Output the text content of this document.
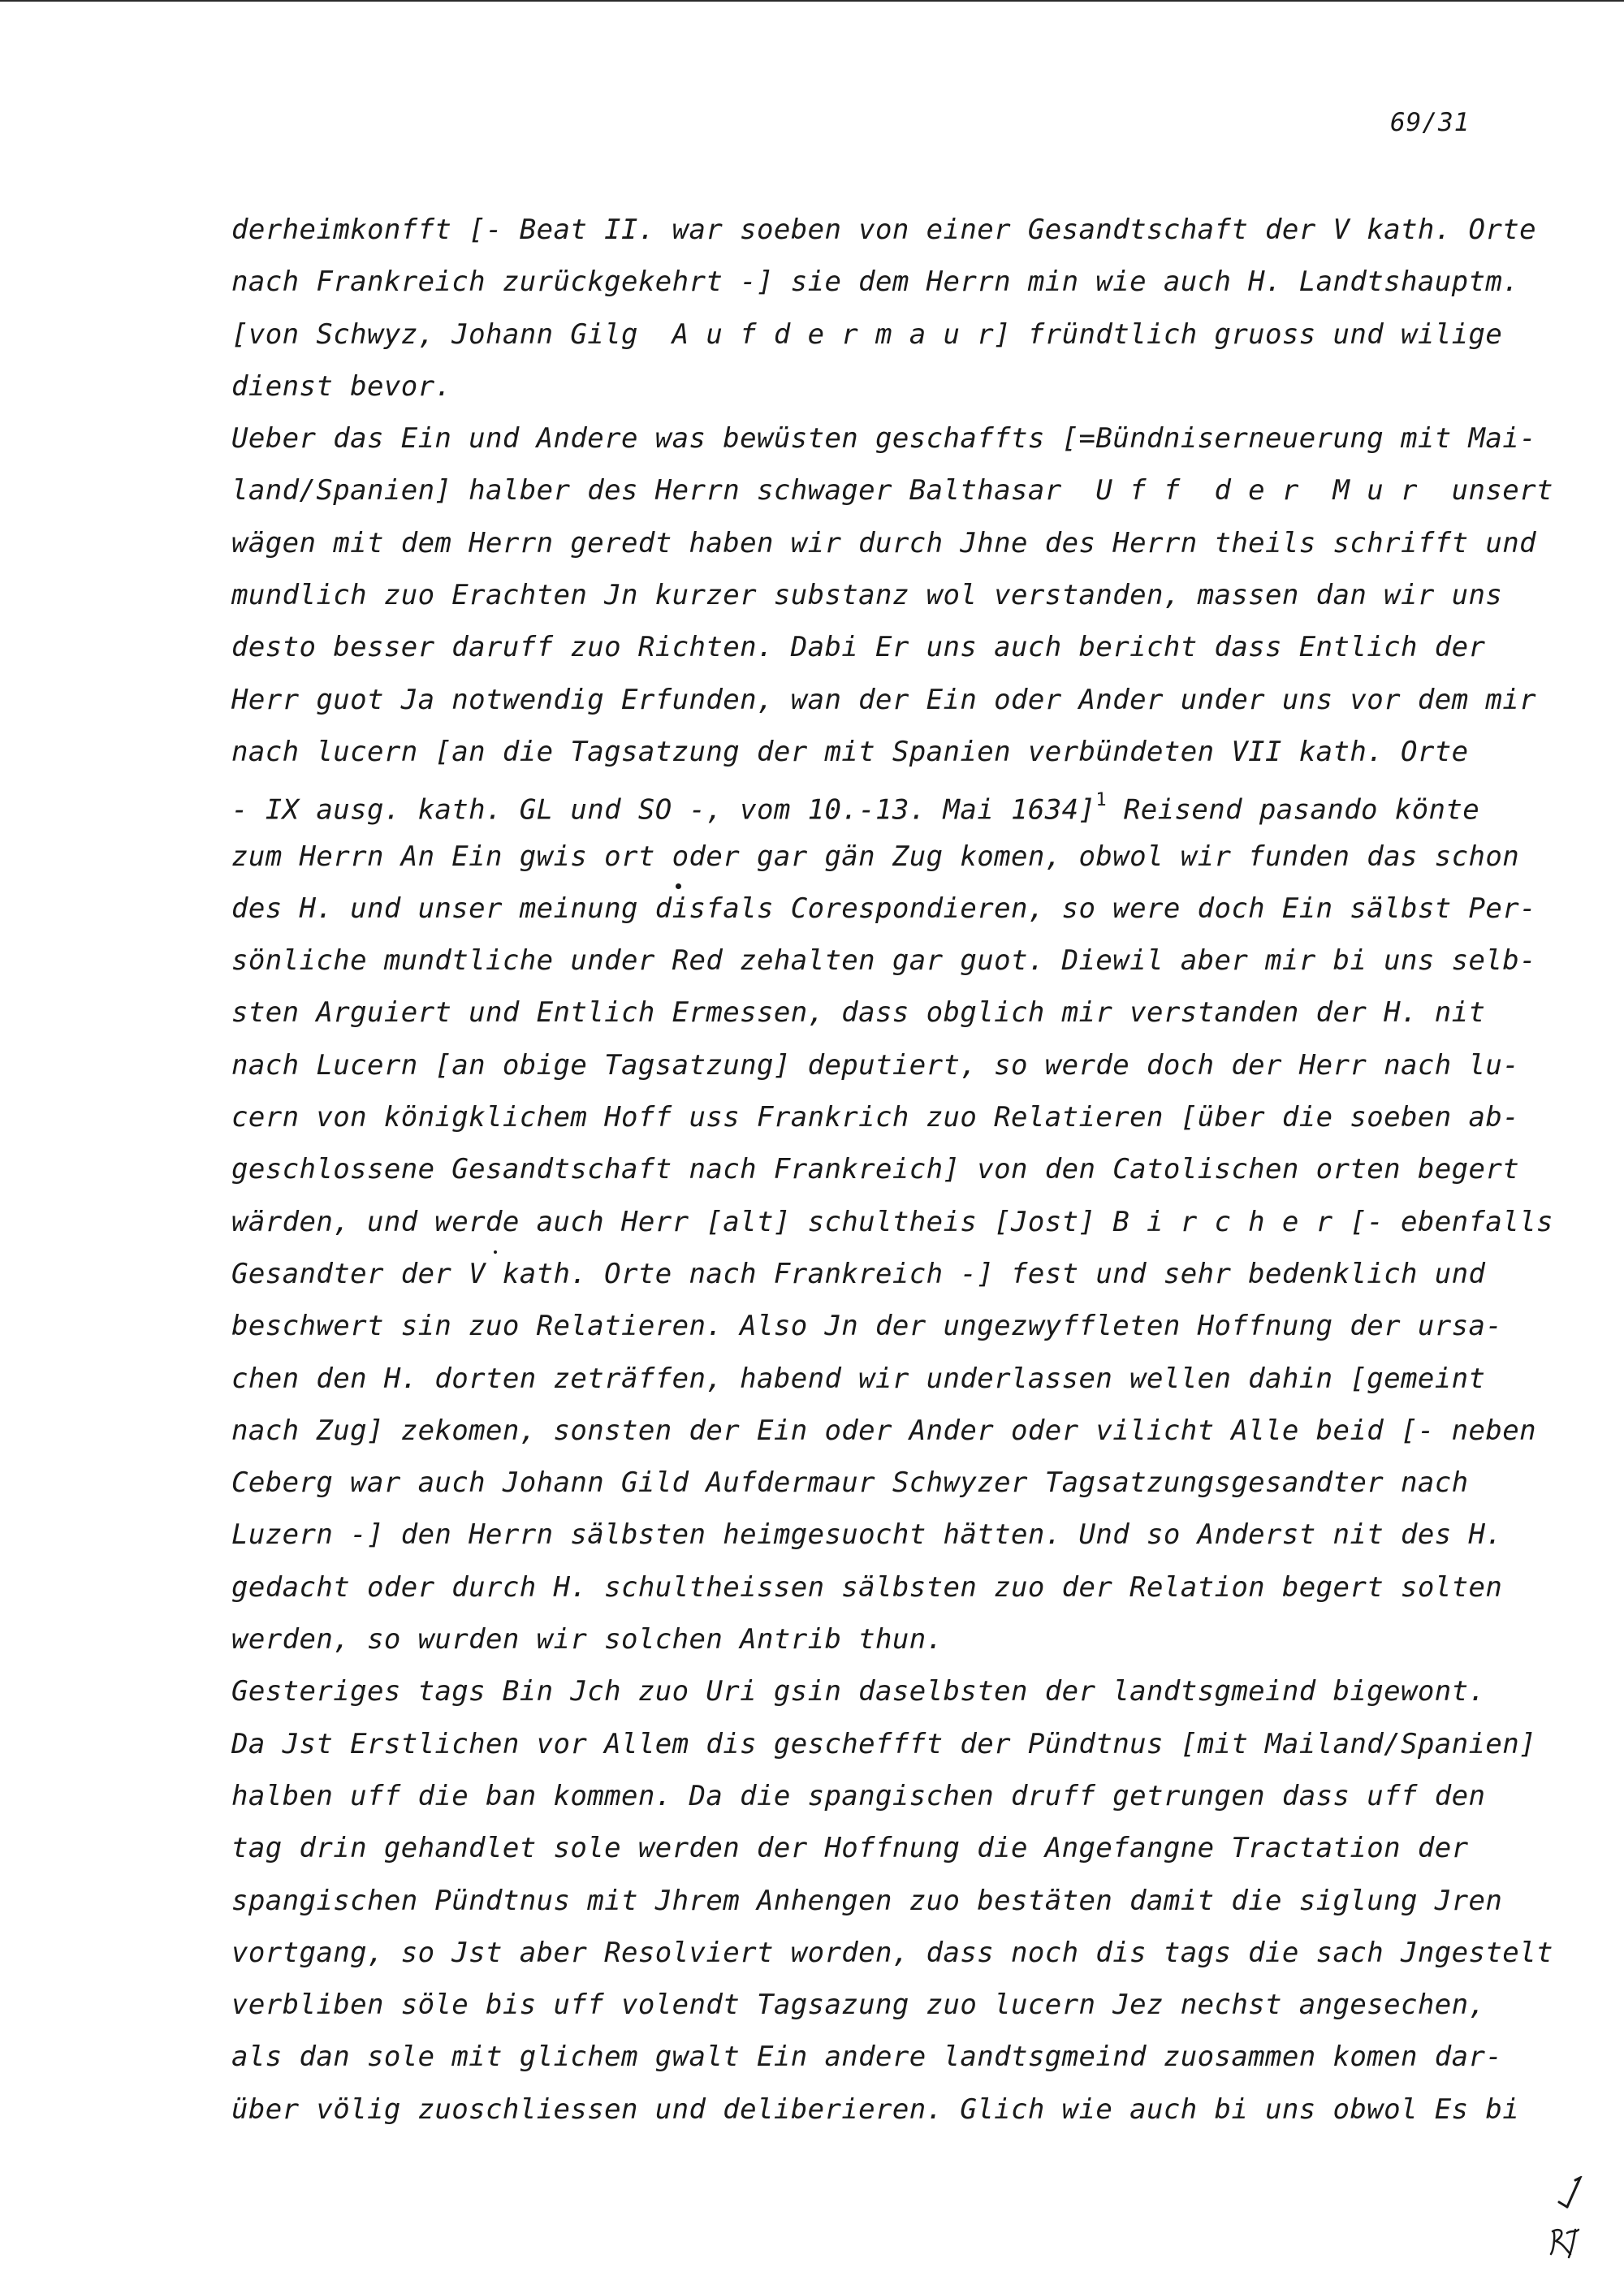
69/31
derheimkonfft [- Beat II. war soeben von einer Gesandtschaft der V kath. Orte
nach Frankreich zurückgekehrt -] sie dem Herrn min wie auch H. Landtshauptm.
[von Schwyz, Johann Gilg  A u f d e r m a u r] fründtlich gruoss und wilige
dienst bevor.
Ueber das Ein und Andere was bewüsten geschaffts [=Bündniserneuerung mit Mai-
land/Spanien] halber des Herrn schwager Balthasar  U f f  d e r  M u r  unsert
wägen mit dem Herrn geredt haben wir durch Jhne des Herrn theils schrifft und
mundlich zuo Erachten Jn kurzer substanz wol verstanden, massen dan wir uns
desto besser daruff zuo Richten. Dabi Er uns auch bericht dass Entlich der
Herr guot Ja notwendig Erfunden, wan der Ein oder Ander under uns vor dem mir
nach lucern [an die Tagsatzung der mit Spanien verbündeten VII kath. Orte
- IX ausg. kath. GL und SO -, vom 10.-13. Mai 1634]$^1$ Reisend pasando könte
zum Herrn An Ein gwis ort oder gar gän Zug komen, obwol wir funden das schon
des H. und unser meinung disfals Corespondieren, so were doch Ein sälbst Per-
sönliche mundtliche under Red zehalten gar guot. Diewil aber mir bi uns selb-
sten Arguiert und Entlich Ermessen, dass obglich mir verstanden der H. nit
nach Lucern [an obige Tagsatzung] deputiert, so werde doch der Herr nach lu-
cern von königklichem Hoff uss Frankrich zuo Relatieren [über die soeben ab-
geschlossene Gesandtschaft nach Frankreich] von den Catolischen orten begert
wärden, und werde auch Herr [alt] schultheis [Jost] B i r c h e r [- ebenfalls
Gesandter der V kath. Orte nach Frankreich -] fest und sehr bedenklich und
beschwert sin zuo Relatieren. Also Jn der ungezwyffleten Hoffnung der ursa-
chen den H. dorten zeträffen, habend wir underlassen wellen dahin [gemeint
nach Zug] zekomen, sonsten der Ein oder Ander oder vilicht Alle beid [- neben
Ceberg war auch Johann Gild Aufdermaur Schwyzer Tagsatzungsgesandter nach
Luzern -] den Herrn sälbsten heimgesuocht hätten. Und so Anderst nit des H.
gedacht oder durch H. schultheissen sälbsten zuo der Relation begert solten
werden, so wurden wir solchen Antrib thun.
Gesteriges tags Bin Jch zuo Uri gsin daselbsten der landtsgmeind bigewont.
Da Jst Erstlichen vor Allem dis gescheffft der Pündtnus [mit Mailand/Spanien]
halben uff die ban kommen. Da die spangischen druff getrungen dass uff den
tag drin gehandlet sole werden der Hoffnung die Angefangne Tractation der
spangischen Pündtnus mit Jhrem Anhengen zuo bestäten damit die siglung Jren
vortgang, so Jst aber Resolviert worden, dass noch dis tags die sach Jngestelt
verbliben söle bis uff volendt Tagsazung zuo lucern Jez nechst angesechen,
als dan sole mit glichem gwalt Ein andere landtsgmeind zuosammen komen dar-
über völig zuoschliessen und deliberieren. Glich wie auch bi uns obwol Es bi
